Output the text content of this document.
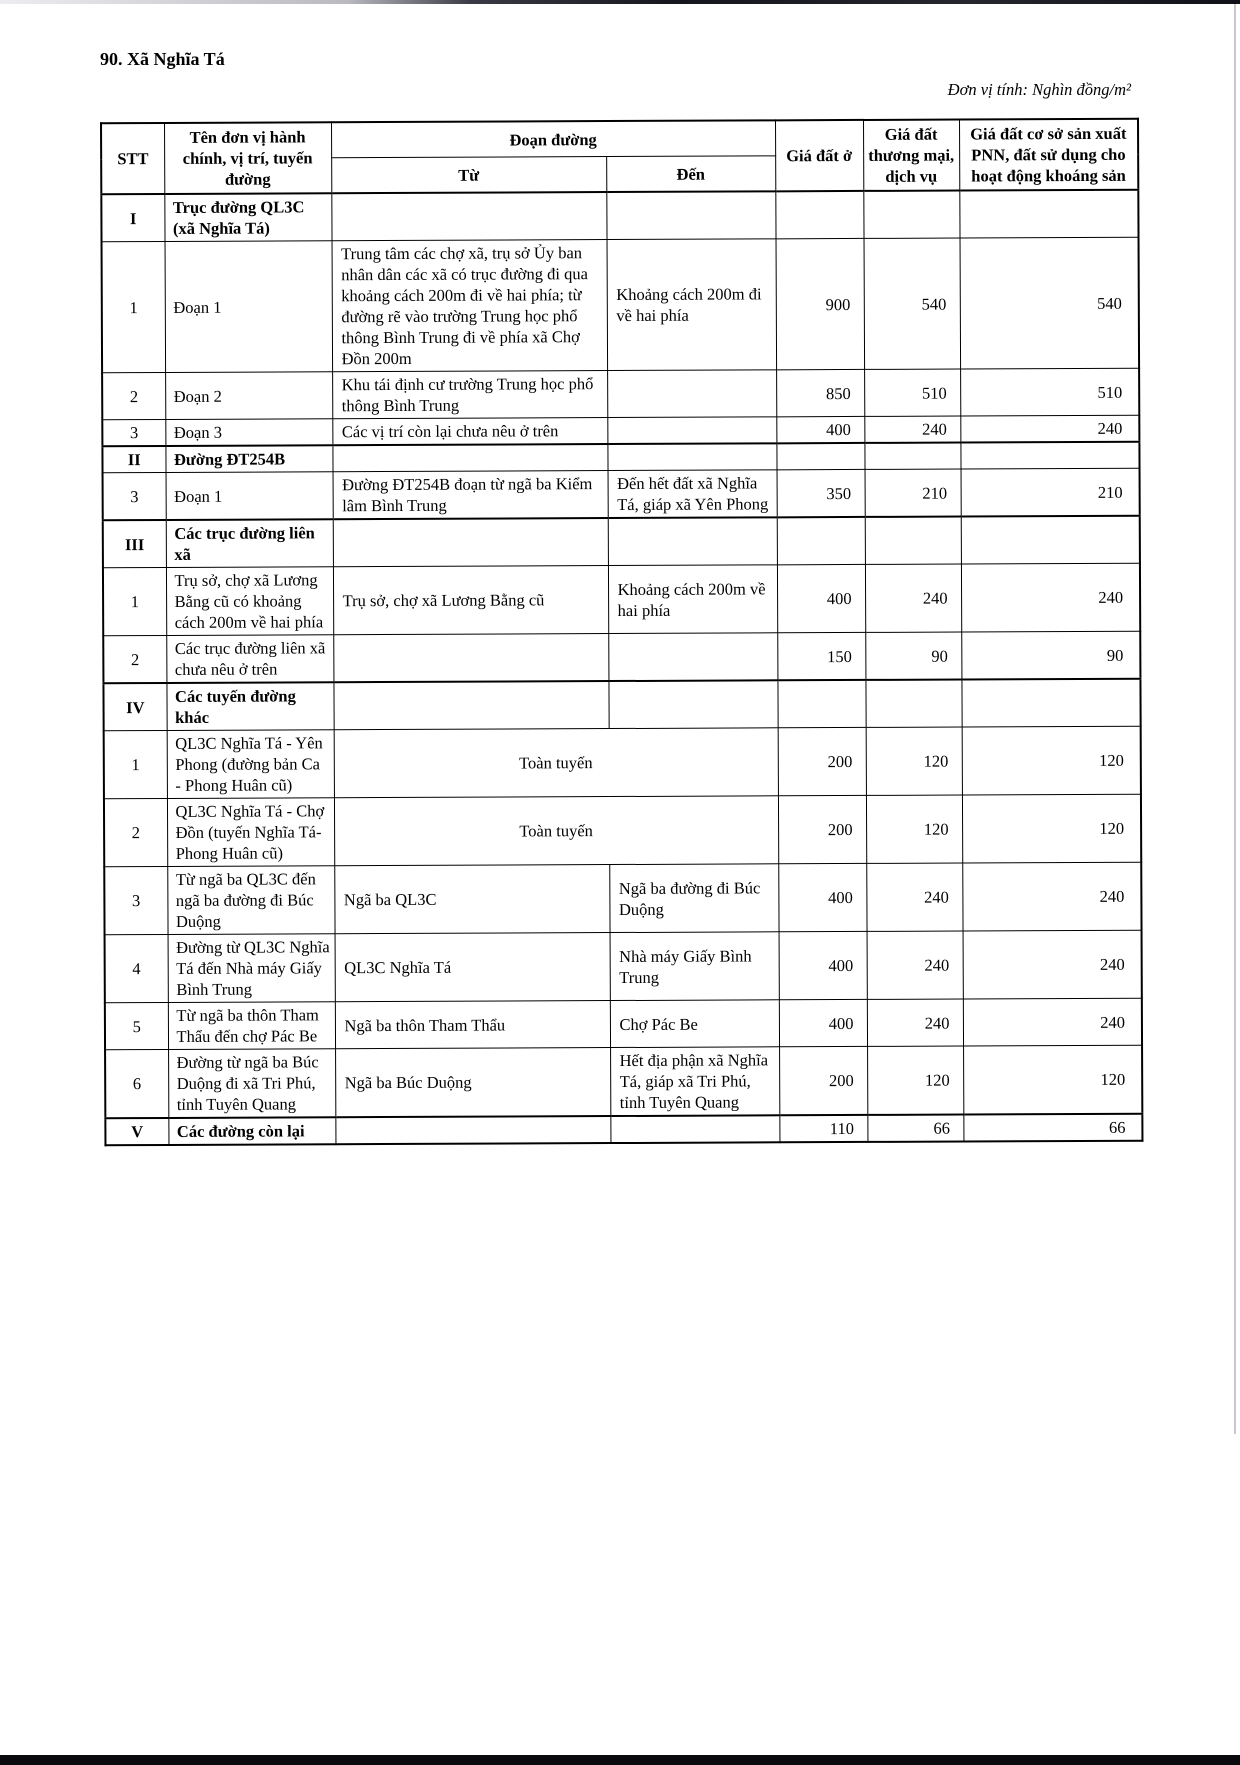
90. Xã Nghĩa Tá
Đơn vị tính: Nghìn đồng/m²
STT	Tên đơn vị hành chính, vị trí, tuyến đường	Đoạn đường		Giá đất ở	Giá đất thương mại, dịch vụ	Giá đất cơ sở sản xuất PNN, đất sử dụng cho hoạt động khoáng sản
		Từ	Đến			
I	Trục đường QL3C (xã Nghĩa Tá)					
1	Đoạn 1	Trung tâm các chợ xã, trụ sở Ủy ban nhân dân các xã có trục đường đi qua khoảng cách 200m đi về hai phía; từ đường rẽ vào trường Trung học phổ thông Bình Trung đi về phía xã Chợ Đồn 200m	Khoảng cách 200m đi về hai phía	900	540	540
2	Đoạn 2	Khu tái định cư trường Trung học phổ thông Bình Trung		850	510	510
3	Đoạn 3	Các vị trí còn lại chưa nêu ở trên		400	240	240
II	Đường ĐT254B					
3	Đoạn 1	Đường ĐT254B đoạn từ ngã ba Kiểm lâm Bình Trung	Đến hết đất xã Nghĩa Tá, giáp xã Yên Phong	350	210	210
III	Các trục đường liên xã					
1	Trụ sở, chợ xã Lương Bằng cũ có khoảng cách 200m về hai phía	Trụ sở, chợ xã Lương Bằng cũ	Khoảng cách 200m về hai phía	400	240	240
2	Các trục đường liên xã chưa nêu ở trên			150	90	90
IV	Các tuyến đường khác					
1	QL3C Nghĩa Tá - Yên Phong (đường bản Ca - Phong Huân cũ)	Toàn tuyến		200	120	120
2	QL3C Nghĩa Tá - Chợ Đồn (tuyến Nghĩa Tá- Phong Huân cũ)	Toàn tuyến		200	120	120
3	Từ ngã ba QL3C đến ngã ba đường đi Búc Duộng	Ngã ba QL3C	Ngã ba đường đi Búc Duộng	400	240	240
4	Đường từ QL3C Nghĩa Tá đến Nhà máy Giấy Bình Trung	QL3C Nghĩa Tá	Nhà máy Giấy Bình Trung	400	240	240
5	Từ ngã ba thôn Tham Thẩu đến chợ Pác Be	Ngã ba thôn Tham Thẩu	Chợ Pác Be	400	240	240
6	Đường từ ngã ba Búc Duộng đi xã Tri Phú, tỉnh Tuyên Quang	Ngã ba Búc Duộng	Hết địa phận xã Nghĩa Tá, giáp xã Tri Phú, tỉnh Tuyên Quang	200	120	120
V	Các đường còn lại			110	66	66
